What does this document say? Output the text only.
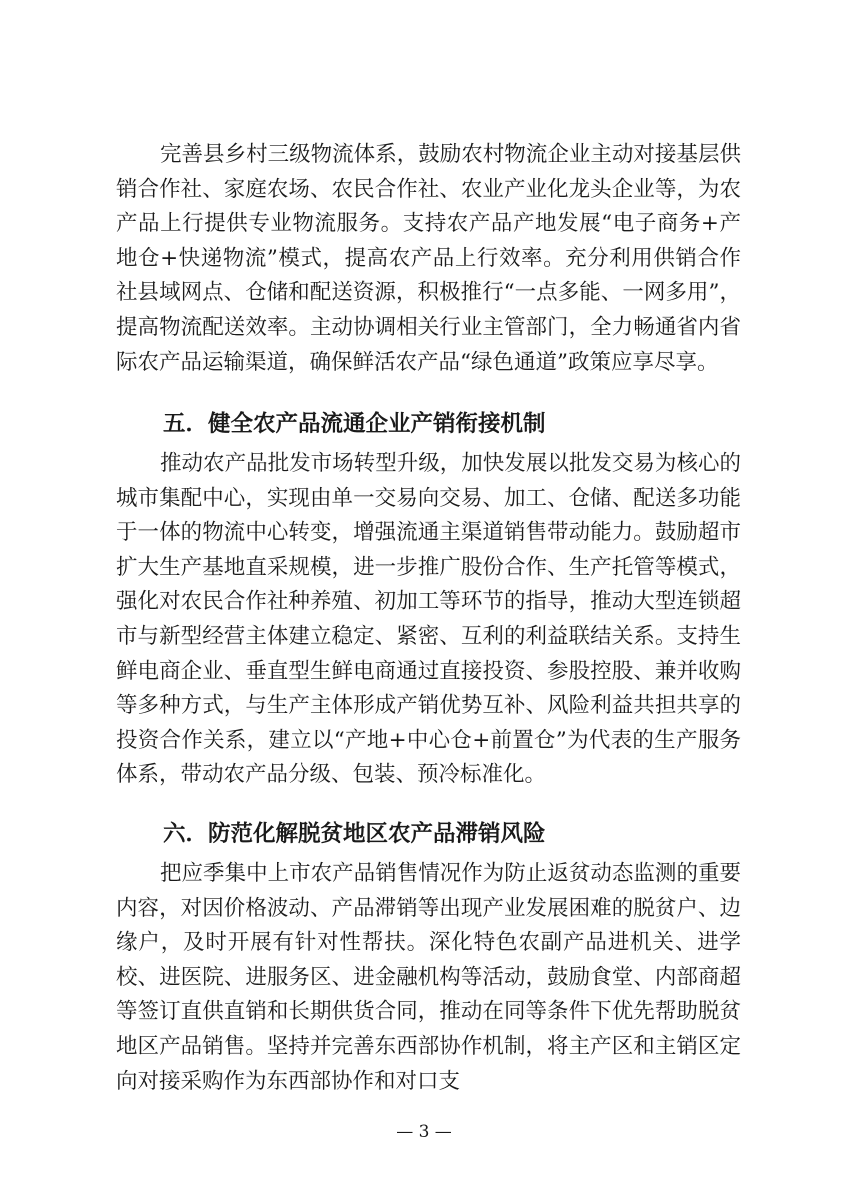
完善县乡村三级物流体系，鼓励农村物流企业主动对接基层供销合作社、家庭农场、农民合作社、农业产业化龙头企业等，为农产品上行提供专业物流服务。支持农产品产地发展“电子商务+产地仓+快递物流”模式，提高农产品上行效率。充分利用供销合作社县域网点、仓储和配送资源，积极推行“一点多能、一网多用”，提高物流配送效率。主动协调相关行业主管部门，全力畅通省内省际农产品运输渠道，确保鲜活农产品“绿色通道”政策应享尽享。

五．健全农产品流通企业产销衔接机制

推动农产品批发市场转型升级，加快发展以批发交易为核心的城市集配中心，实现由单一交易向交易、加工、仓储、配送多功能于一体的物流中心转变，增强流通主渠道销售带动能力。鼓励超市扩大生产基地直采规模，进一步推广股份合作、生产托管等模式，强化对农民合作社种养殖、初加工等环节的指导，推动大型连锁超市与新型经营主体建立稳定、紧密、互利的利益联结关系。支持生鲜电商企业、垂直型生鲜电商通过直接投资、参股控股、兼并收购等多种方式，与生产主体形成产销优势互补、风险利益共担共享的投资合作关系，建立以“产地+中心仓+前置仓”为代表的生产服务体系，带动农产品分级、包装、预冷标准化。

六．防范化解脱贫地区农产品滞销风险

把应季集中上市农产品销售情况作为防止返贫动态监测的重要内容，对因价格波动、产品滞销等出现产业发展困难的脱贫户、边缘户，及时开展有针对性帮扶。深化特色农副产品进机关、进学校、进医院、进服务区、进金融机构等活动，鼓励食堂、内部商超等签订直供直销和长期供货合同，推动在同等条件下优先帮助脱贫地区产品销售。坚持并完善东西部协作机制，将主产区和主销区定向对接采购作为东西部协作和对口支

— 3 —
